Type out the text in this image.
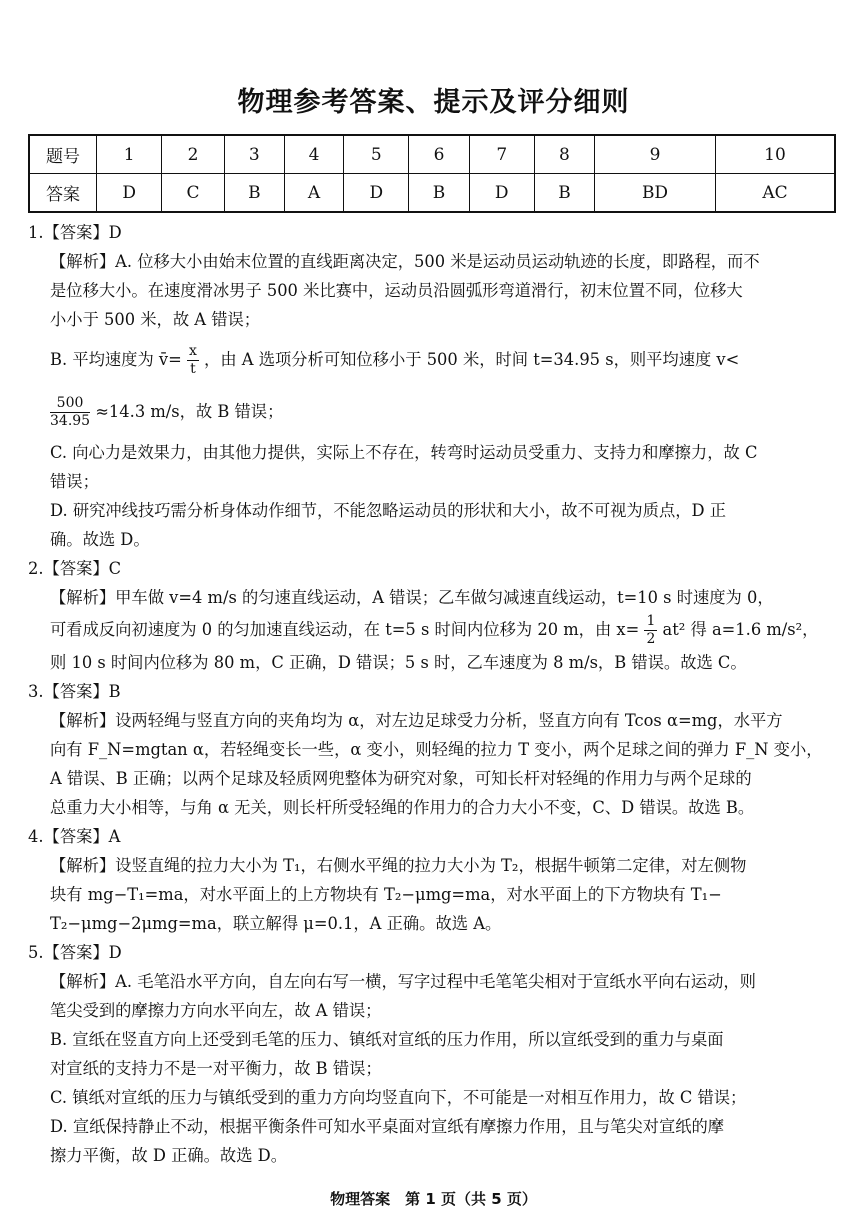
物理参考答案、提示及评分细则
题号	1	2	3	4	5	6	7	8	9	10
答案	D	C	B	A	D	B	D	B	BD	AC
1.【答案】D
【解析】A. 位移大小由始末位置的直线距离决定，500 米是运动员运动轨迹的长度，即路程，而不
是位移大小。在速度滑冰男子 500 米比赛中，运动员沿圆弧形弯道滑行，初末位置不同，位移大
小小于 500 米，故 A 错误；
B. 平均速度为 v̄= $\frac{x}{t}$ ，由 A 选项分析可知位移小于 500 米，时间 t=34.95 s，则平均速度 v<
$\frac{500}{34.95} \approx 14.3$ m/s，故 B 错误；
C. 向心力是效果力，由其他力提供，实际上不存在，转弯时运动员受重力、支持力和摩擦力，故 C
错误；
D. 研究冲线技巧需分析身体动作细节，不能忽略运动员的形状和大小，故不可视为质点，D 正
确。故选 D。
2.【答案】C
【解析】甲车做 v=4 m/s 的匀速直线运动，A 错误；乙车做匀减速直线运动，t=10 s 时速度为 0，
可看成反向初速度为 0 的匀加速直线运动，在 t=5 s 时间内位移为 20 m，由 $x= \frac{1}{2} at^2$ 得 a=1.6 m/s²，
则 10 s 时间内位移为 80 m，C 正确，D 错误；5 s 时，乙车速度为 8 m/s，B 错误。故选 C。
3.【答案】B
【解析】设两轻绳与竖直方向的夹角均为 α，对左边足球受力分析，竖直方向有 Tcos α=mg，水平方
向有 F_N=mgtan α，若轻绳变长一些，α 变小，则轻绳的拉力 T 变小，两个足球之间的弹力 F_N 变小，
A 错误、B 正确；以两个足球及轻质网兜整体为研究对象，可知长杆对轻绳的作用力与两个足球的
总重力大小相等，与角 α 无关，则长杆所受轻绳的作用力的合力大小不变，C、D 错误。故选 B。
4.【答案】A
【解析】设竖直绳的拉力大小为 T₁，右侧水平绳的拉力大小为 T₂，根据牛顿第二定律，对左侧物
块有 mg−T₁=ma，对水平面上的上方物块有 T₂−μmg=ma，对水平面上的下方物块有 T₁−
T₂−μmg−2μmg=ma，联立解得 μ=0.1，A 正确。故选 A。
5.【答案】D
【解析】A. 毛笔沿水平方向，自左向右写一横，写字过程中毛笔笔尖相对于宣纸水平向右运动，则
笔尖受到的摩擦力方向水平向左，故 A 错误；
B. 宣纸在竖直方向上还受到毛笔的压力、镇纸对宣纸的压力作用，所以宣纸受到的重力与桌面
对宣纸的支持力不是一对平衡力，故 B 错误；
C. 镇纸对宣纸的压力与镇纸受到的重力方向均竖直向下，不可能是一对相互作用力，故 C 错误；
D. 宣纸保持静止不动，根据平衡条件可知水平桌面对宣纸有摩擦力作用，且与笔尖对宣纸的摩
擦力平衡，故 D 正确。故选 D。
物理答案　第 1 页（共 5 页）
